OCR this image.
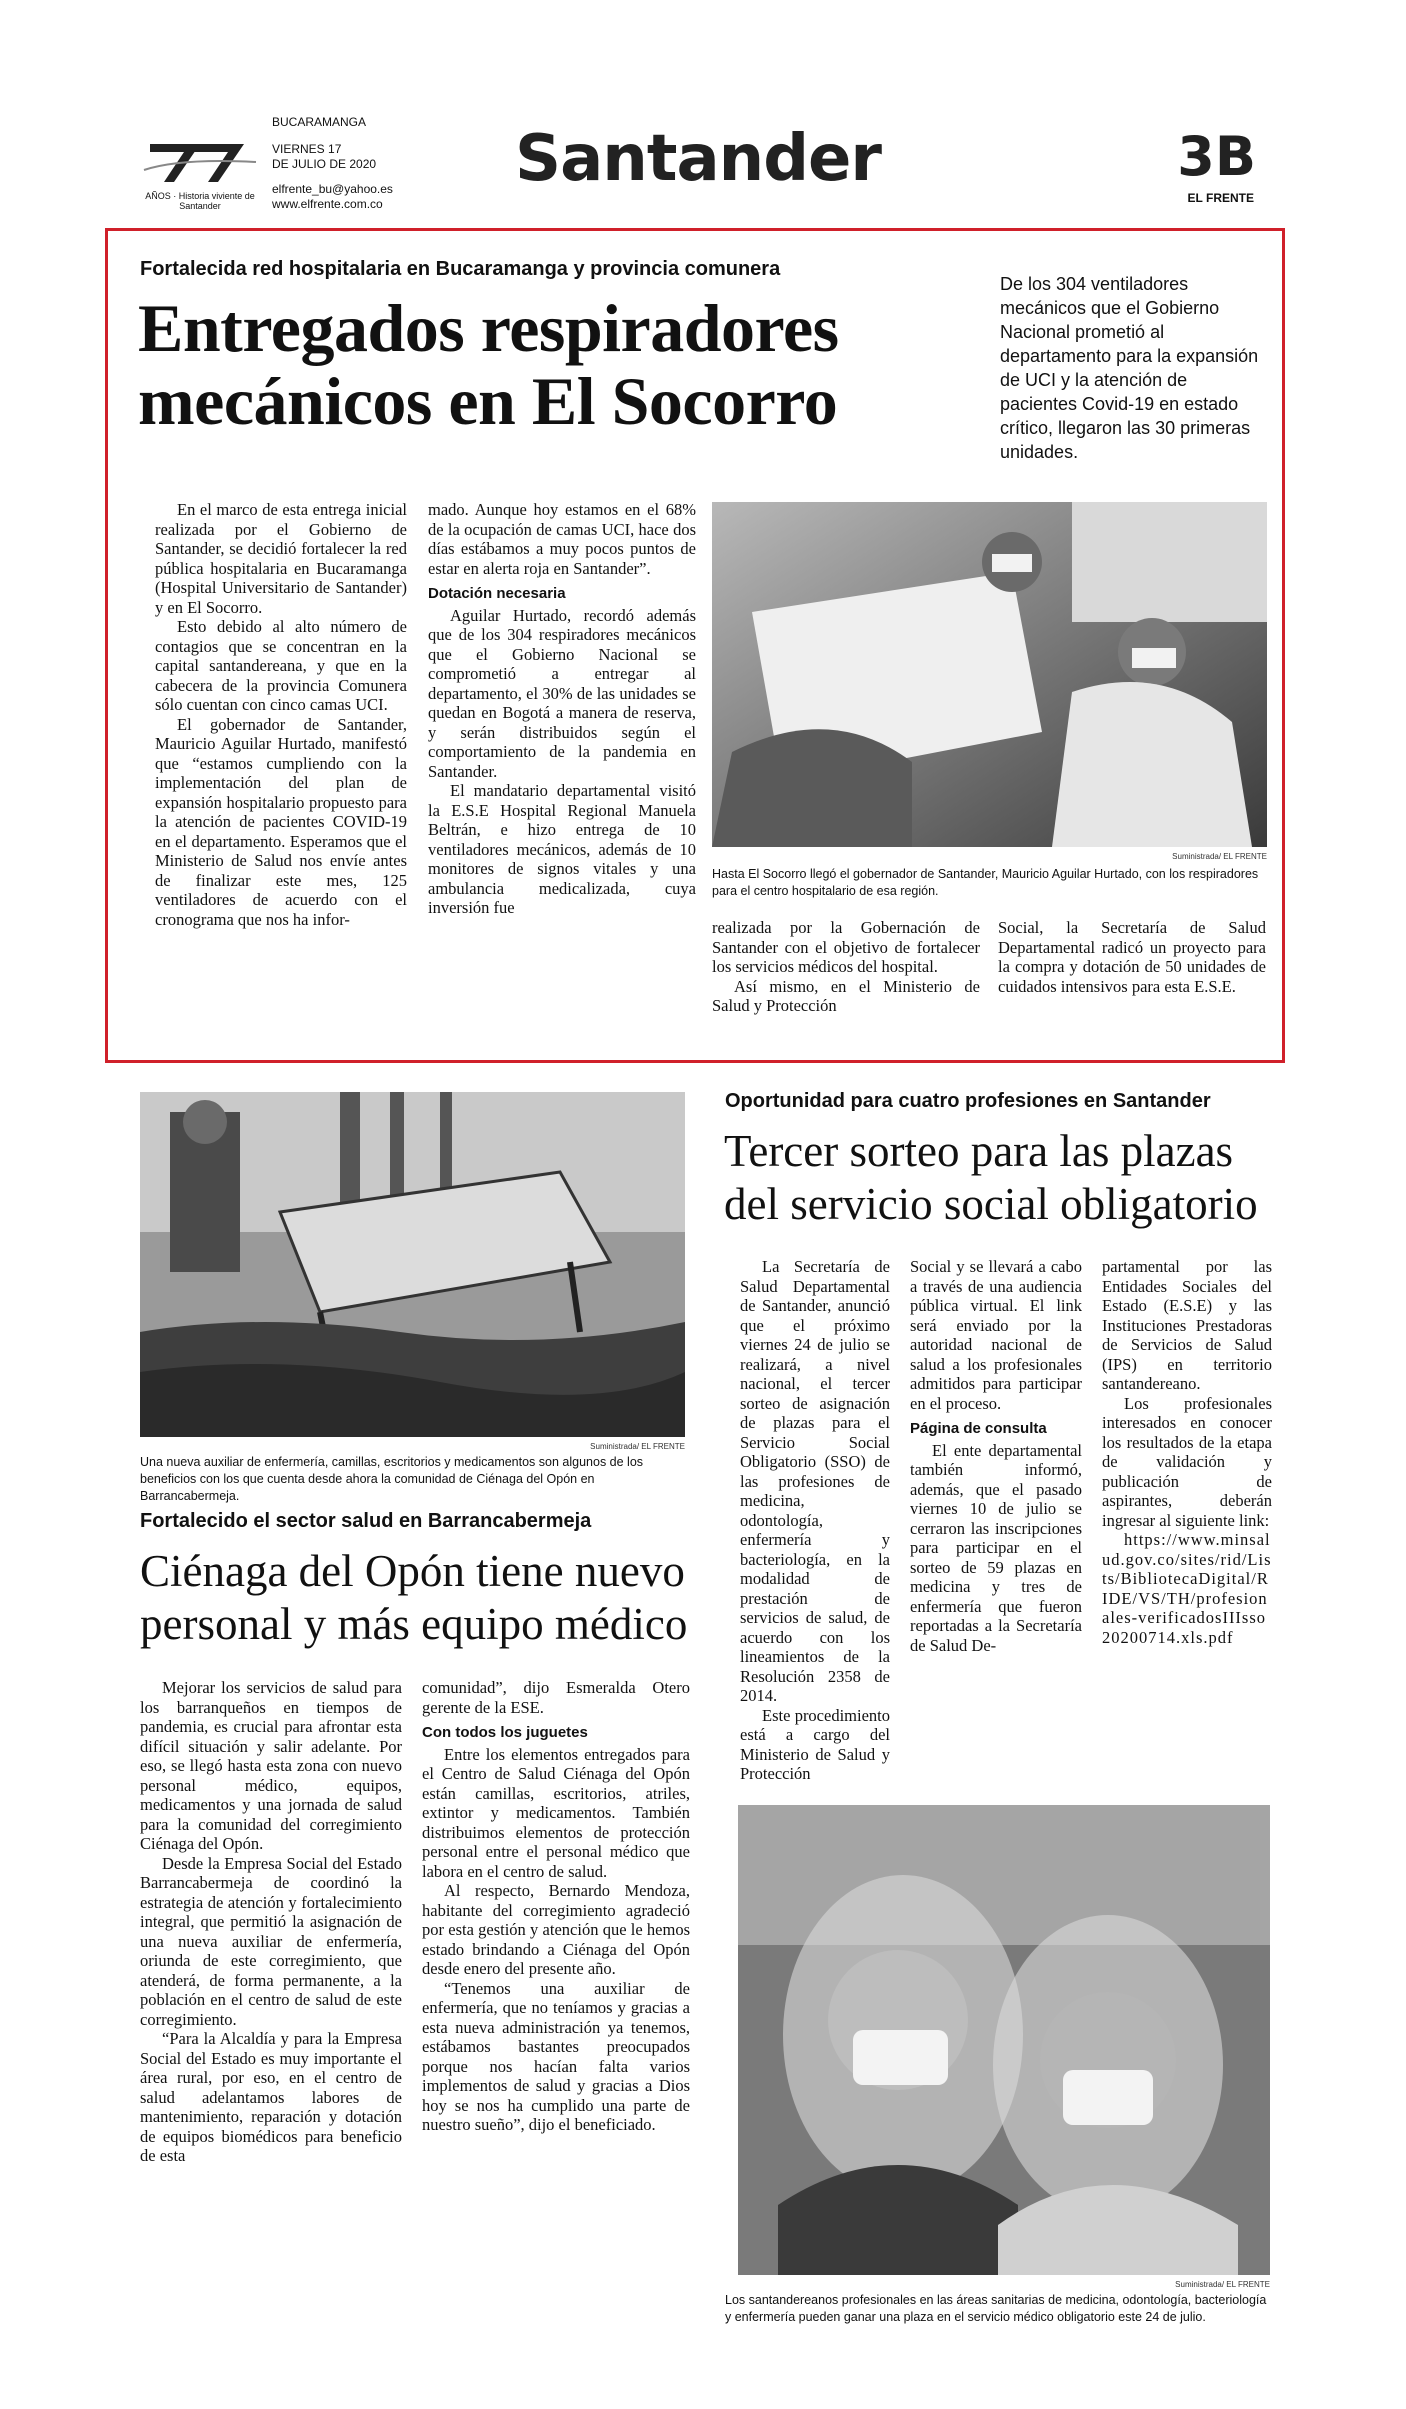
AÑOS · Historia viviente de Santander
BUCARAMANGA
VIERNES 17
DE JULIO DE 2020
elfrente_bu@yahoo.es
www.elfrente.com.co
Santander	3B
EL FRENTE
Fortalecida red hospitalaria en Bucaramanga y provincia comunera
Entregados respiradores
mecánicos en El Socorro
De los 304 ventiladores mecánicos que el Gobierno Nacional prometió al departamento para la expansión de UCI y la atención de pacientes Covid-19 en estado crítico, llegaron las 30 primeras unidades.

En el marco de esta entrega inicial realizada por el Gobierno de Santander, se decidió fortalecer la red pública hospitalaria en Bucaramanga (Hospital Universitario de Santander) y en El Socorro.

Esto debido al alto número de contagios que se concentran en la capital santandereana, y que en la cabecera de la provincia Comunera sólo cuentan con cinco camas UCI.

El gobernador de Santander, Mauricio Aguilar Hurtado, manifestó que “estamos cumpliendo con la implementación del plan de expansión hospitalario propuesto para la atención de pacientes COVID-19 en el departamento. Esperamos que el Ministerio de Salud nos envíe antes de finalizar este mes, 125 ventiladores de acuerdo con el cronograma que nos ha infor-

mado. Aunque hoy estamos en el 68% de la ocupación de camas UCI, hace dos días estábamos a muy pocos puntos de estar en alerta roja en Santander”.

Dotación necesaria

Aguilar Hurtado, recordó además que de los 304 respiradores mecánicos que el Gobierno Nacional se comprometió a entregar al departamento, el 30% de las unidades se quedan en Bogotá a manera de reserva, y serán distribuidos según el comportamiento de la pandemia en Santander.

El mandatario departamental visitó la E.S.E Hospital Regional Manuela Beltrán, e hizo entrega de 10 ventiladores mecánicos, además de 10 monitores de signos vitales y una ambulancia medicalizada, cuya inversión fue

Suministrada/ EL FRENTE
Hasta El Socorro llegó el gobernador de Santander, Mauricio Aguilar Hurtado, con los respiradores para el centro hospitalario de esa región.

realizada por la Gobernación de Santander con el objetivo de fortalecer los servicios médicos del hospital.

Así mismo, en el Ministerio de Salud y Protección

Social, la Secretaría de Salud Departamental radicó un proyecto para la compra y dotación de 50 unidades de cuidados intensivos para esta E.S.E.

Suministrada/ EL FRENTE
Una nueva auxiliar de enfermería, camillas, escritorios y medicamentos son algunos de los beneficios con los que cuenta desde ahora la comunidad de Ciénaga del Opón en Barrancabermeja.
Fortalecido el sector salud en Barrancabermeja
Ciénaga del Opón tiene nuevo
personal y más equipo médico

Mejorar los servicios de salud para los barranqueños en tiempos de pandemia, es crucial para afrontar esta difícil situación y salir adelante. Por eso, se llegó hasta esta zona con nuevo personal médico, equipos, medicamentos y una jornada de salud para la comunidad del corregimiento Ciénaga del Opón.

Desde la Empresa Social del Estado Barrancabermeja de coordinó la estrategia de atención y fortalecimiento integral, que permitió la asignación de una nueva auxiliar de enfermería, oriunda de este corregimiento, que atenderá, de forma permanente, a la población en el centro de salud de este corregimiento.

“Para la Alcaldía y para la Empresa Social del Estado es muy importante el área rural, por eso, en el centro de salud adelantamos labores de mantenimiento, reparación y dotación de equipos biomédicos para beneficio de esta

comunidad”, dijo Esmeralda Otero gerente de la ESE.

Con todos los juguetes

Entre los elementos entregados para el Centro de Salud Ciénaga del Opón están camillas, escritorios, atriles, extintor y medicamentos. También distribuimos elementos de protección personal entre el personal médico que labora en el centro de salud.

Al respecto, Bernardo Mendoza, habitante del corregimiento agradeció por esta gestión y atención que le hemos estado brindando a Ciénaga del Opón desde enero del presente año.

“Tenemos una auxiliar de enfermería, que no teníamos y gracias a esta nueva administración ya tenemos, estábamos bastantes preocupados porque nos hacían falta varios implementos de salud y gracias a Dios hoy se nos ha cumplido una parte de nuestro sueño”, dijo el beneficiado.

Oportunidad para cuatro profesiones en Santander
Tercer sorteo para las plazas
del servicio social obligatorio

La Secretaría de Salud Departamental de Santander, anunció que el próximo viernes 24 de julio se realizará, a nivel nacional, el tercer sorteo de asignación de plazas para el Servicio Social Obligatorio (SSO) de las profesiones de medicina, odontología, enfermería y bacteriología, en la modalidad de prestación de servicios de salud, de acuerdo con los lineamientos de la Resolución 2358 de 2014.

Este procedimiento está a cargo del Ministerio de Salud y Protección

Social y se llevará a cabo a través de una audiencia pública virtual. El link será enviado por la autoridad nacional de salud a los profesionales admitidos para participar en el proceso.

Página de consulta

El ente departamental también informó, además, que el pasado viernes 10 de julio se cerraron las inscripciones para participar en el sorteo de 59 plazas en medicina y tres de enfermería que fueron reportadas a la Secretaría de Salud De-

partamental por las Entidades Sociales del Estado (E.S.E) y las Instituciones Prestadoras de Servicios de Salud (IPS) en territorio santandereano.

Los profesionales interesados en conocer los resultados de la etapa de validación y publicación de aspirantes, deberán ingresar al siguiente link:

https://www.minsalud.gov.co/sites/rid/Lists/BibliotecaDigital/RIDE/VS/TH/profesionales-verificadosIIIsso20200714.xls.pdf

Suministrada/ EL FRENTE
Los santandereanos profesionales en las áreas sanitarias de medicina, odontología, bacteriología y enfermería pueden ganar una plaza en el servicio médico obligatorio este 24 de julio.
